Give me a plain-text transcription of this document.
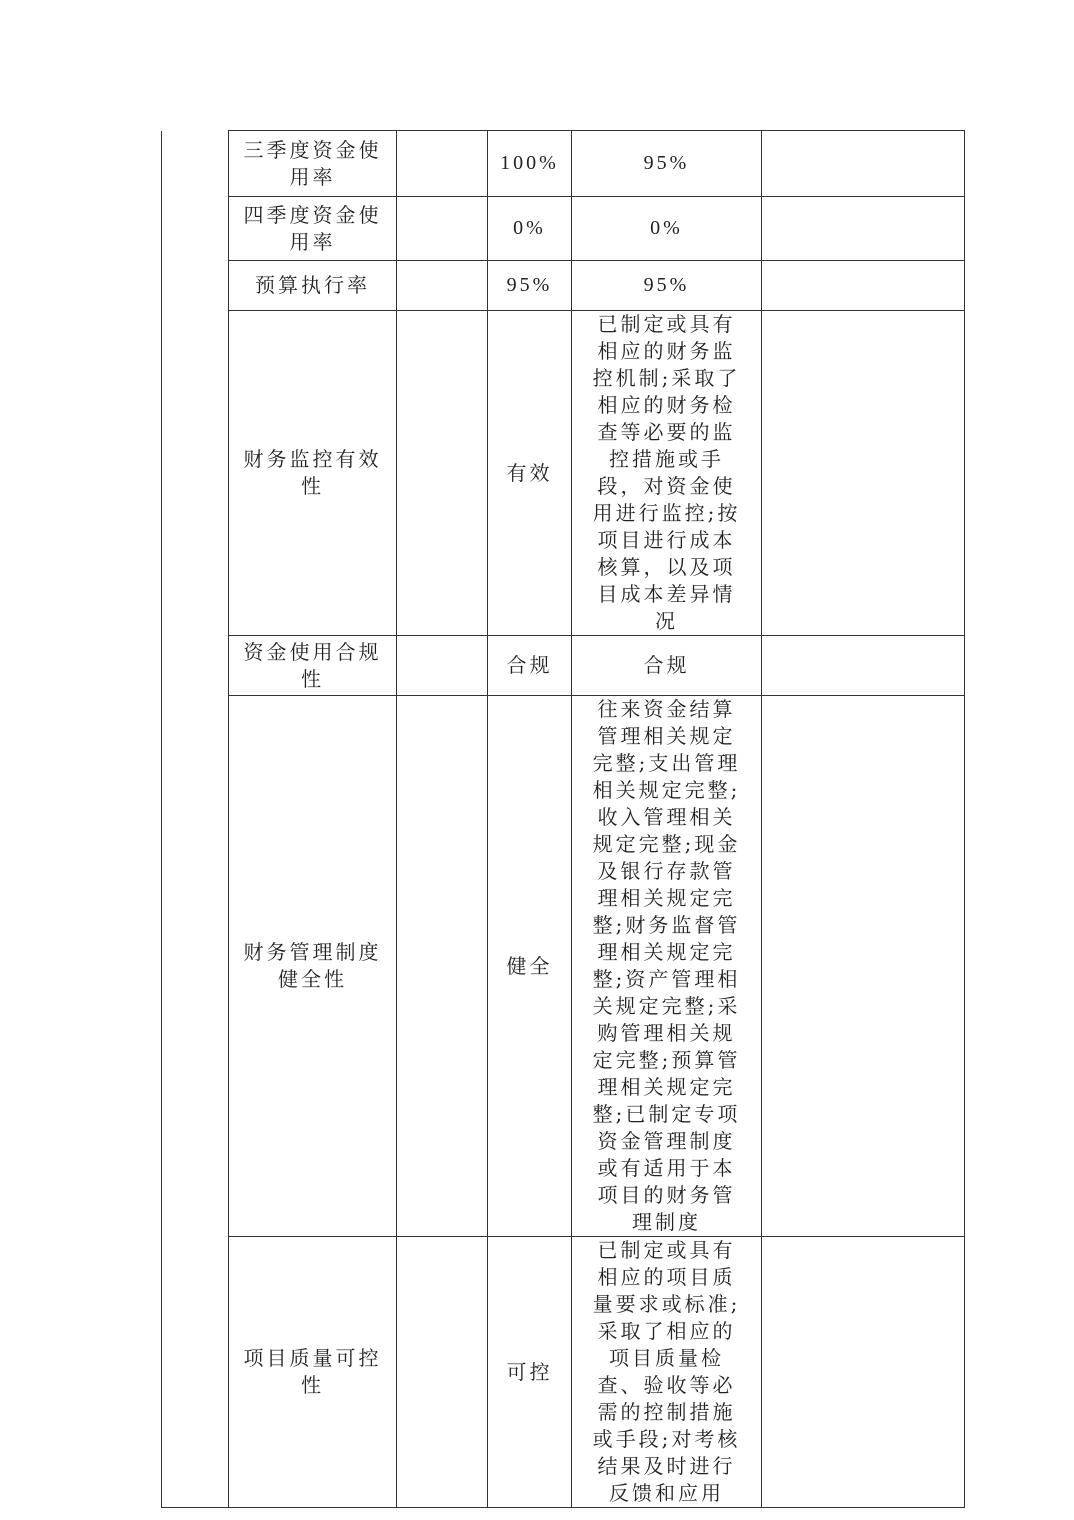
	三季度资金使用率		100%	95%	

	四季度资金使用率		0%	0%	

	预算执行率		95%	95%	

	财务监控有效性		有效	已制定或具有相应的财务监控机制;采取了相应的财务检查等必要的监控措施或手段，对资金使用进行监控;按项目进行成本核算，以及项目成本差异情况	

	资金使用合规性		合规	合规	

	财务管理制度健全性		健全	往来资金结算管理相关规定完整;支出管理相关规定完整;收入管理相关规定完整;现金及银行存款管理相关规定完整;财务监督管理相关规定完整;资产管理相关规定完整;采购管理相关规定完整;预算管理相关规定完整;已制定专项资金管理制度或有适用于本项目的财务管理制度	

	项目质量可控性		可控	已制定或具有相应的项目质量要求或标准;采取了相应的项目质量检查、验收等必需的控制措施或手段;对考核结果及时进行反馈和应用	
